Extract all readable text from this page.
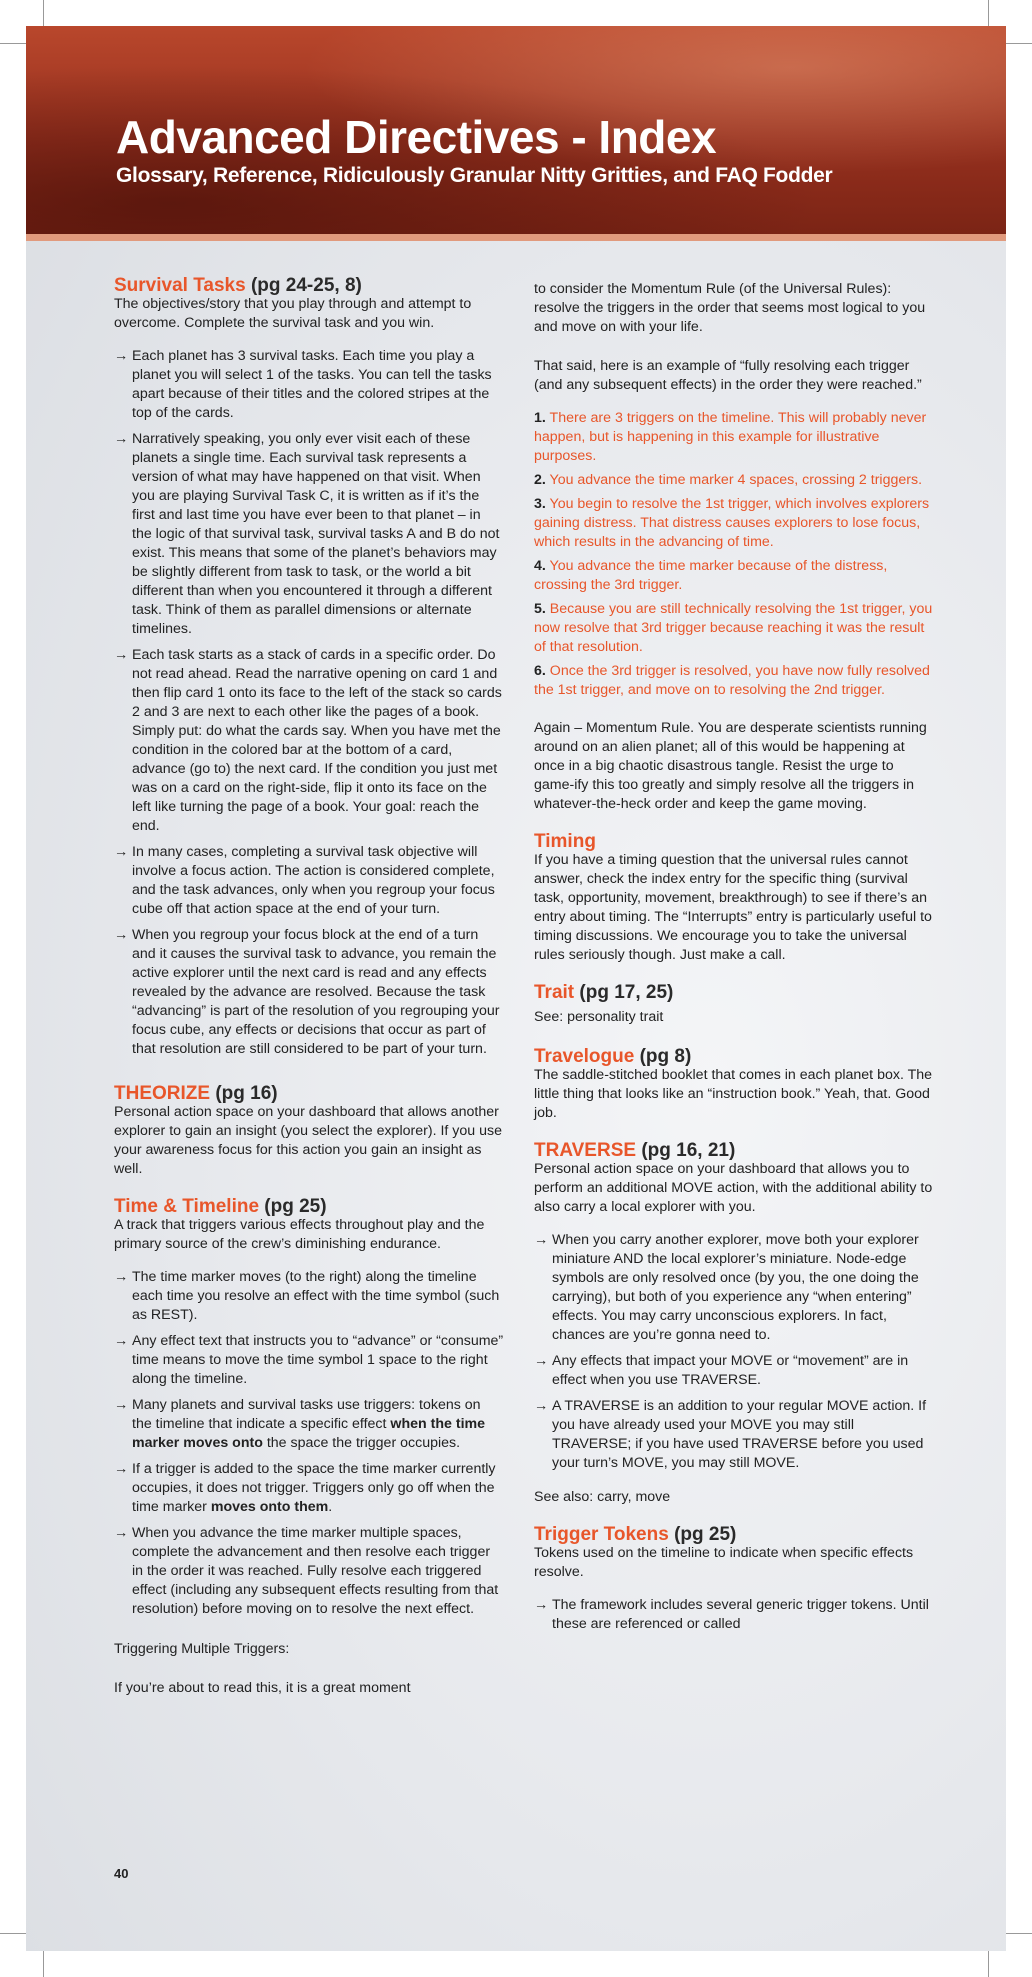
Advanced Directives - Index
Glossary, Reference, Ridiculously Granular Nitty Gritties, and FAQ Fodder
Survival Tasks (pg 24-25, 8)

The objectives/story that you play through and attempt to overcome. Complete the survival task and you win.

→ Each planet has 3 survival tasks. Each time you play a planet you will select 1 of the tasks. You can tell the tasks apart because of their titles and the colored stripes at the top of the cards.
→ Narratively speaking, you only ever visit each of these planets a single time. Each survival task represents a version of what may have happened on that visit. When you are playing Survival Task C, it is written as if it’s the first and last time you have ever been to that planet – in the logic of that survival task, survival tasks A and B do not exist. This means that some of the planet’s behaviors may be slightly different from task to task, or the world a bit different than when you encountered it through a different task. Think of them as parallel dimensions or alternate timelines.
→ Each task starts as a stack of cards in a specific order. Do not read ahead. Read the narrative opening on card 1 and then flip card 1 onto its face to the left of the stack so cards 2 and 3 are next to each other like the pages of a book. Simply put: do what the cards say. When you have met the condition in the colored bar at the bottom of a card, advance (go to) the next card. If the condition you just met was on a card on the right-side, flip it onto its face on the left like turning the page of a book. Your goal: reach the end.
→ In many cases, completing a survival task objective will involve a focus action. The action is considered complete, and the task advances, only when you regroup your focus cube off that action space at the end of your turn.
→ When you regroup your focus block at the end of a turn and it causes the survival task to advance, you remain the active explorer until the next card is read and any effects revealed by the advance are resolved. Because the task “advancing” is part of the resolution of you regrouping your focus cube, any effects or decisions that occur as part of that resolution are still considered to be part of your turn.
THEORIZE (pg 16)

Personal action space on your dashboard that allows another explorer to gain an insight (you select the explorer). If you use your awareness focus for this action you gain an insight as well.

Time & Timeline (pg 25)

A track that triggers various effects throughout play and the primary source of the crew’s diminishing endurance.

→ The time marker moves (to the right) along the timeline each time you resolve an effect with the time symbol (such as REST).
→ Any effect text that instructs you to “advance” or “consume” time means to move the time symbol 1 space to the right along the timeline.
→ Many planets and survival tasks use triggers: tokens on the timeline that indicate a specific effect when the time marker moves onto the space the trigger occupies.
→ If a trigger is added to the space the time marker currently occupies, it does not trigger. Triggers only go off when the time marker moves onto them.
→ When you advance the time marker multiple spaces, complete the advancement and then resolve each trigger in the order it was reached. Fully resolve each triggered effect (including any subsequent effects resulting from that resolution) before moving on to resolve the next effect.

Triggering Multiple Triggers:

If you’re about to read this, it is a great moment

40

to consider the Momentum Rule (of the Universal Rules): resolve the triggers in the order that seems most logical to you and move on with your life.

That said, here is an example of “fully resolving each trigger (and any subsequent effects) in the order they were reached.”

1. There are 3 triggers on the timeline. This will probably never happen, but is happening in this example for illustrative purposes.
2. You advance the time marker 4 spaces, crossing 2 triggers.
3. You begin to resolve the 1st trigger, which involves explorers gaining distress. That distress causes explorers to lose focus, which results in the advancing of time.
4. You advance the time marker because of the distress, crossing the 3rd trigger.
5. Because you are still technically resolving the 1st trigger, you now resolve that 3rd trigger because reaching it was the result of that resolution.
6. Once the 3rd trigger is resolved, you have now fully resolved the 1st trigger, and move on to resolving the 2nd trigger.

Again – Momentum Rule. You are desperate scientists running around on an alien planet; all of this would be happening at once in a big chaotic disastrous tangle. Resist the urge to game-ify this too greatly and simply resolve all the triggers in whatever-the-heck order and keep the game moving.

Timing

If you have a timing question that the universal rules cannot answer, check the index entry for the specific thing (survival task, opportunity, movement, breakthrough) to see if there’s an entry about timing. The “Interrupts” entry is particularly useful to timing discussions. We encourage you to take the universal rules seriously though. Just make a call.

Trait (pg 17, 25)

See: personality trait

Travelogue (pg 8)

The saddle-stitched booklet that comes in each planet box. The little thing that looks like an “instruction book.” Yeah, that. Good job.

TRAVERSE (pg 16, 21)

Personal action space on your dashboard that allows you to perform an additional MOVE action, with the additional ability to also carry a local explorer with you.

→ When you carry another explorer, move both your explorer miniature AND the local explorer’s miniature. Node-edge symbols are only resolved once (by you, the one doing the carrying), but both of you experience any “when entering” effects. You may carry unconscious explorers. In fact, chances are you’re gonna need to.
→ Any effects that impact your MOVE or “movement” are in effect when you use TRAVERSE.
→ A TRAVERSE is an addition to your regular MOVE action. If you have already used your MOVE you may still TRAVERSE; if you have used TRAVERSE before you used your turn’s MOVE, you may still MOVE.

See also: carry, move

Trigger Tokens (pg 25)

Tokens used on the timeline to indicate when specific effects resolve.

→ The framework includes several generic trigger tokens. Until these are referenced or called
